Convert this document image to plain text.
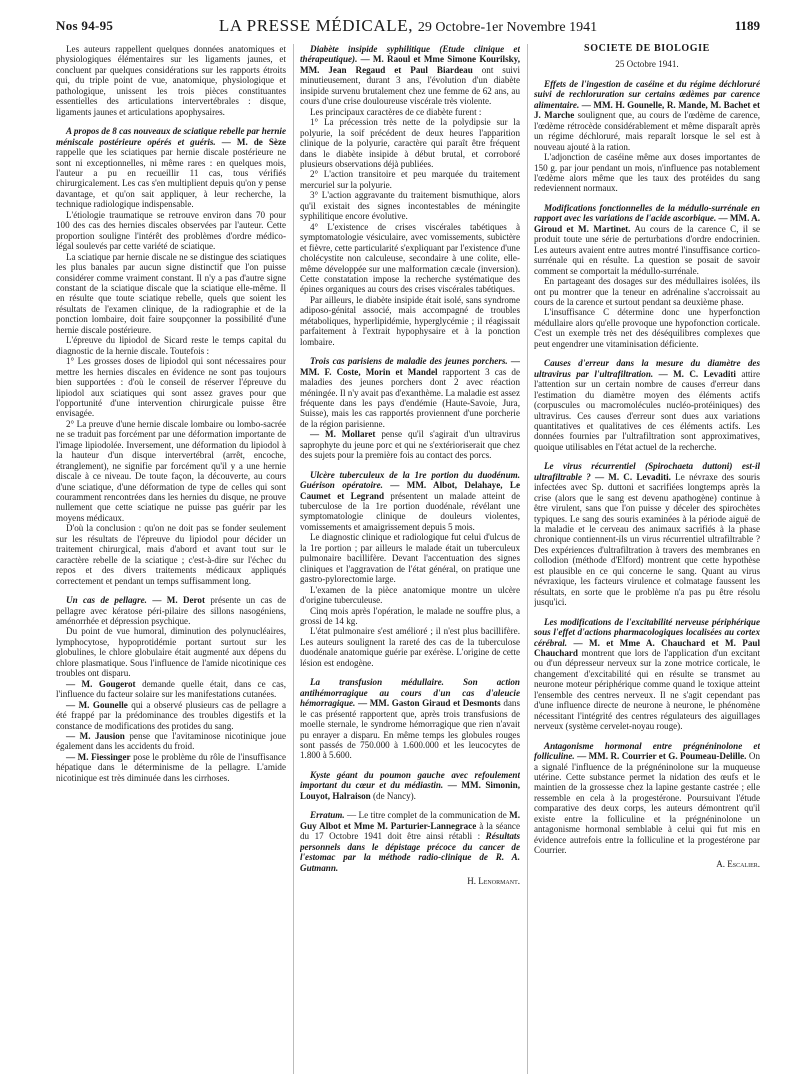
Nos 94-95	LA PRESSE MÉDICALE, 29 Octobre-1er Novembre 1941	1189

Les auteurs rappellent quelques données anatomiques et physiologiques élémentaires sur les ligaments jaunes, et concluent par quelques considérations sur les rapports étroits qui, du triple point de vue, anatomique, physiologique et pathologique, unissent les trois pièces constituantes essentielles des articulations intervertébrales : disque, ligaments jaunes et articulations apophysaires.

A propos de 8 cas nouveaux de sciatique rebelle par hernie méniscale postérieure opérés et guéris. — M. de Sèze rappelle que les sciatiques par hernie discale postérieure ne sont ni exceptionnelles, ni même rares : en quelques mois, l'auteur a pu en recueillir 11 cas, tous vérifiés chirurgicalement. Les cas s'en multiplient depuis qu'on y pense davantage, et qu'on sait appliquer, à leur recherche, la technique radiologique indispensable.

L'étiologie traumatique se retrouve environ dans 70 pour 100 des cas des hernies discales observées par l'auteur. Cette proportion souligne l'intérêt des problèmes d'ordre médico-légal soulevés par cette variété de sciatique.

La sciatique par hernie discale ne se distingue des sciatiques les plus banales par aucun signe distinctif que l'on puisse considérer comme vraiment constant. Il n'y a pas d'autre signe constant de la sciatique discale que la sciatique elle-même. Il en résulte que toute sciatique rebelle, quels que soient les résultats de l'examen clinique, de la radiographie et de la ponction lombaire, doit faire soupçonner la possibilité d'une hernie discale postérieure.

L'épreuve du lipiodol de Sicard reste le temps capital du diagnostic de la hernie discale. Toutefois :

1° Les grosses doses de lipiodol qui sont nécessaires pour mettre les hernies discales en évidence ne sont pas toujours bien supportées : d'où le conseil de réserver l'épreuve du lipiodol aux sciatiques qui sont assez graves pour que l'opportunité d'une intervention chirurgicale puisse être envisagée.

2° La preuve d'une hernie discale lombaire ou lombo-sacrée ne se traduit pas forcément par une déformation importante de l'image lipiodolée. Inversement, une déformation du lipiodol à la hauteur d'un disque intervertébral (arrêt, encoche, étranglement), ne signifie par forcément qu'il y a une hernie discale à ce niveau. De toute façon, la découverte, au cours d'une sciatique, d'une déformation de type de celles qui sont couramment rencontrées dans les hernies du disque, ne prouve nullement que cette sciatique ne puisse pas guérir par les moyens médicaux.

D'où la conclusion : qu'on ne doit pas se fonder seulement sur les résultats de l'épreuve du lipiodol pour décider un traitement chirurgical, mais d'abord et avant tout sur le caractère rebelle de la sciatique ; c'est-à-dire sur l'échec du repos et des divers traitements médicaux appliqués correctement et pendant un temps suffisamment long.

Un cas de pellagre. — M. Derot présente un cas de pellagre avec kératose péri-pilaire des sillons nasogéniens, aménorrhée et dépression psychique.

Du point de vue humoral, diminution des polynucléaires, lymphocytose, hypoprotidémie portant surtout sur les globulines, le chlore globulaire était augmenté aux dépens du chlore plasmatique. Sous l'influence de l'amide nicotinique ces troubles ont disparu.

— M. Gougerot demande quelle était, dans ce cas, l'influence du facteur solaire sur les manifestations cutanées.

— M. Gounelle qui a observé plusieurs cas de pellagre a été frappé par la prédominance des troubles digestifs et la constance de modifications des protides du sang.

— M. Jausion pense que l'avitaminose nicotinique joue également dans les accidents du froid.

— M. Fiessinger pose le problème du rôle de l'insuffisance hépatique dans le déterminisme de la pellagre. L'amide nicotinique est très diminuée dans les cirrhoses.

Diabète insipide syphilitique (Etude clinique et thérapeutique). — M. Raoul et Mme Simone Kourilsky, MM. Jean Regaud et Paul Biardeau ont suivi minutieusement, durant 3 ans, l'évolution d'un diabète insipide survenu brutalement chez une femme de 62 ans, au cours d'une crise douloureuse viscérale très violente.

Les principaux caractères de ce diabète furent :

1° La précession très nette de la polydipsie sur la polyurie, la soif précédent de deux heures l'apparition clinique de la polyurie, caractère qui paraît être fréquent dans le diabète insipide à début brutal, et corroboré plusieurs observations déjà publiées.

2° L'action transitoire et peu marquée du traitement mercuriel sur la polyurie.

3° L'action aggravante du traitement bismuthique, alors qu'il existait des signes incontestables de méningite syphilitique encore évolutive.

4° L'existence de crises viscérales tabétiques à symptomatologie vésiculaire, avec vomissements, subictère et fièvre, cette particularité s'expliquant par l'existence d'une cholécystite non calculeuse, secondaire à une colite, elle-même développée sur une malformation cæcale (inversion). Cette constatation impose la recherche systématique des épines organiques au cours des crises viscérales tabétiques.

Par ailleurs, le diabète insipide était isolé, sans syndrome adiposo-génital associé, mais accompagné de troubles métaboliques, hyperlipidémie, hyperglycémie ; il réagissait parfaitement à l'extrait hypophysaire et à la ponction lombaire.

Trois cas parisiens de maladie des jeunes porchers. — MM. F. Coste, Morin et Mandel rapportent 3 cas de maladies des jeunes porchers dont 2 avec réaction méningée. Il n'y avait pas d'exanthème. La maladie est assez fréquente dans les pays d'endémie (Haute-Savoie, Jura, Suisse), mais les cas rapportés proviennent d'une porcherie de la région parisienne.

— M. Mollaret pense qu'il s'agirait d'un ultravirus saprophyte du jeune porc et qui ne s'extérioriserait que chez des sujets pour la première fois au contact des porcs.

Ulcère tuberculeux de la 1re portion du duodénum. Guérison opératoire. — MM. Albot, Delahaye, Le Caumet et Legrand présentent un malade atteint de tuberculose de la 1re portion duodénale, révélant une symptomatologie clinique de douleurs violentes, vomissements et amaigrissement depuis 5 mois.

Le diagnostic clinique et radiologique fut celui d'ulcus de la 1re portion ; par ailleurs le malade était un tuberculeux pulmonaire bacillifère. Devant l'accentuation des signes cliniques et l'aggravation de l'état général, on pratique une gastro-pylorectomie large.

L'examen de la pièce anatomique montre un ulcère d'origine tuberculeuse.

Cinq mois après l'opération, le malade ne souffre plus, a grossi de 14 kg.

L'état pulmonaire s'est amélioré ; il n'est plus bacillifère. Les auteurs soulignent la rareté des cas de la tuberculose duodénale anatomique guérie par exérèse. L'origine de cette lésion est endogène.

La transfusion médullaire. Son action antihémorragique au cours d'un cas d'aleucie hémorragique. — MM. Gaston Giraud et Desmonts dans le cas présenté rapportent que, après trois transfusions de moelle sternale, le syndrome hémorragique que rien n'avait pu enrayer a disparu. En même temps les globules rouges sont passés de 750.000 à 1.600.000 et les leucocytes de 1.800 à 5.600.

Kyste géant du poumon gauche avec refoulement important du cœur et du médiastin. — MM. Simonin, Louyot, Halraison (de Nancy).

Erratum. — Le titre complet de la communication de M. Guy Albot et Mme M. Parturier-Lannegrace à la séance du 17 Octobre 1941 doit être ainsi rétabli : Résultats personnels dans le dépistage précoce du cancer de l'estomac par la méthode radio-clinique de R. A. Gutmann.

H. Lenormant.
SOCIÉTÉ DE BIOLOGIE
25 Octobre 1941.

Effets de l'ingestion de caséine et du régime déchloruré suivi de rechloruration sur certains œdèmes par carence alimentaire. — MM. H. Gounelle, R. Mande, M. Bachet et J. Marche soulignent que, au cours de l'œdème de carence, l'œdème rétrocède considérablement et même disparaît après un régime déchloruré, mais reparaît lorsque le sel est à nouveau ajouté à la ration.

L'adjonction de caséine même aux doses importantes de 150 g. par jour pendant un mois, n'influence pas notablement l'œdème alors même que les taux des protéides du sang redeviennent normaux.

Modifications fonctionnelles de la médullo-surrénale en rapport avec les variations de l'acide ascorbique. — MM. A. Giroud et M. Martinet. Au cours de la carence C, il se produit toute une série de perturbations d'ordre endocrinien. Les auteurs avaient entre autres montré l'insuffisance cortico-surrénale qui en résulte. La question se posait de savoir comment se comportait la médullo-surrénale.

En partageant des dosages sur des médullaires isolées, ils ont pu montrer que la teneur en adrénaline s'accroissait au cours de la carence et surtout pendant sa deuxième phase.

L'insuffisance C détermine donc une hyperfonction médullaire alors qu'elle provoque une hypofonction corticale. C'est un exemple très net des déséquilibres complexes que peut engendrer une vitaminisation déficiente.

Causes d'erreur dans la mesure du diamètre des ultravirus par l'ultrafiltration. — M. C. Levaditi attire l'attention sur un certain nombre de causes d'erreur dans l'estimation du diamètre moyen des éléments actifs (corpuscules ou macromolécules nucléo-protéiniques) des ultravirus. Ces causes d'erreur sont dues aux variations quantitatives et qualitatives de ces éléments actifs. Les données fournies par l'ultrafiltration sont approximatives, quoique utilisables en l'état actuel de la recherche.

Le virus récurrentiel (Spirochaeta duttoni) est-il ultrafiltrable ? — M. C. Levaditi. Le névraxe des souris infectées avec Sp. duttoni et sacrifiées longtemps après la crise (alors que le sang est devenu apathogène) continue à être virulent, sans que l'on puisse y déceler des spirochètes typiques. Le sang des souris examinées à la période aiguë de la maladie et le cerveau des animaux sacrifiés à la phase chronique contiennent-ils un virus récurrentiel ultrafiltrable ? Des expériences d'ultrafiltration à travers des membranes en collodion (méthode d'Elford) montrent que cette hypothèse est plausible en ce qui concerne le sang. Quant au virus névraxique, les facteurs virulence et colmatage faussent les résultats, en sorte que le problème n'a pas pu être résolu jusqu'ici.

Les modifications de l'excitabilité nerveuse périphérique sous l'effet d'actions pharmacologiques localisées au cortex cérébral. — M. et Mme A. Chauchard et M. Paul Chauchard montrent que lors de l'application d'un excitant ou d'un dépresseur nerveux sur la zone motrice corticale, le changement d'excitabilité qui en résulte se transmet au neurone moteur périphérique comme quand le toxique atteint l'ensemble des centres nerveux. Il ne s'agit cependant pas d'une influence directe de neurone à neurone, le phénomène nécessitant l'intégrité des centres régulateurs des aiguillages nerveux (système cervelet-noyau rouge).

Antagonisme hormonal entre prégnéninolone et folliculine. — MM. R. Courrier et G. Poumeau-Delille. On a signalé l'influence de la prégnéninolone sur la muqueuse utérine. Cette substance permet la nidation des œufs et le maintien de la grossesse chez la lapine gestante castrée ; elle ressemble en cela à la progestérone. Poursuivant l'étude comparative des deux corps, les auteurs démontrent qu'il existe entre la folliculine et la prégnéninolone un antagonisme hormonal semblable à celui qui fut mis en évidence autrefois entre la folliculine et la progestérone par Courrier.

A. Escalier.
